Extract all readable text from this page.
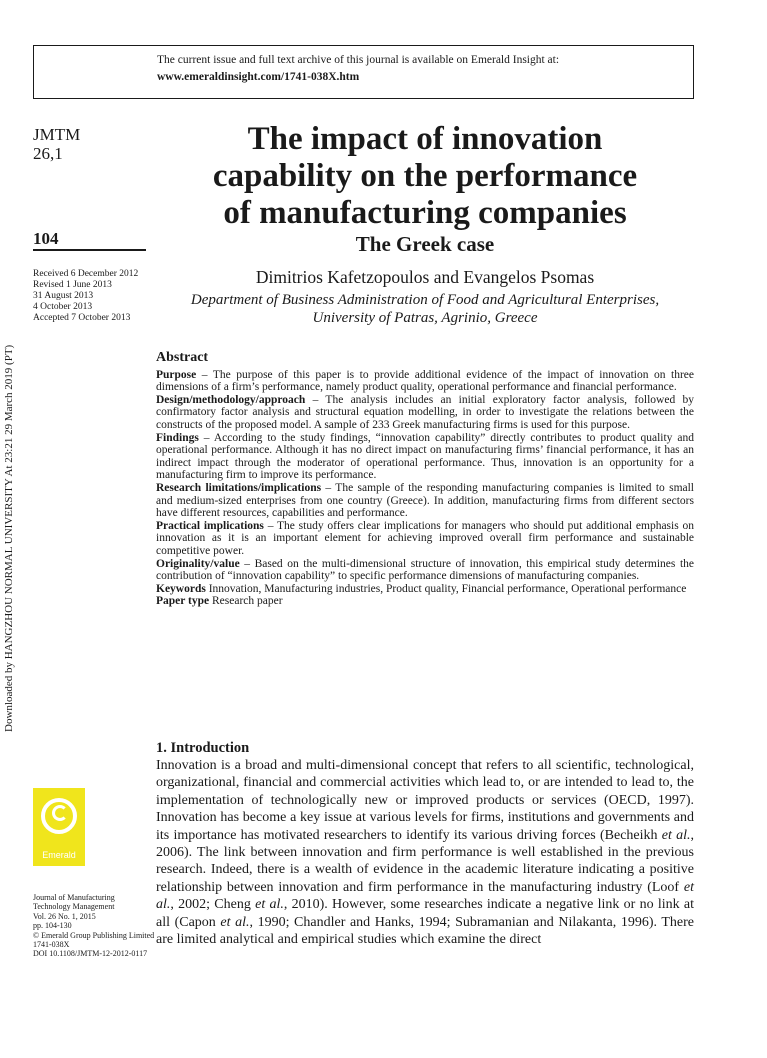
The current issue and full text archive of this journal is available on Emerald Insight at:
www.emeraldinsight.com/1741-038X.htm
Downloaded by HANGZHOU NORMAL UNIVERSITY At 23:21 29 March 2019 (PT)
JMTM
26,1
104
Received 6 December 2012
Revised 1 June 2013
31 August 2013
4 October 2013
Accepted 7 October 2013
The impact of innovation
capability on the performance
of manufacturing companies
The Greek case
Dimitrios Kafetzopoulos and Evangelos Psomas
Department of Business Administration of Food and Agricultural Enterprises,
University of Patras, Agrinio, Greece
Abstract

Purpose – The purpose of this paper is to provide additional evidence of the impact of innovation on three dimensions of a firm’s performance, namely product quality, operational performance and financial performance.

Design/methodology/approach – The analysis includes an initial exploratory factor analysis, followed by confirmatory factor analysis and structural equation modelling, in order to investigate the relations between the constructs of the proposed model. A sample of 233 Greek manufacturing firms is used for this purpose.

Findings – According to the study findings, “innovation capability” directly contributes to product quality and operational performance. Although it has no direct impact on manufacturing firms’ financial performance, it has an indirect impact through the moderator of operational performance. Thus, innovation is an opportunity for a manufacturing firm to improve its performance.

Research limitations/implications – The sample of the responding manufacturing companies is limited to small and medium-sized enterprises from one country (Greece). In addition, manufacturing firms from different sectors have different resources, capabilities and performance.

Practical implications – The study offers clear implications for managers who should put additional emphasis on innovation as it is an important element for achieving improved overall firm performance and sustainable competitive power.

Originality/value – Based on the multi-dimensional structure of innovation, this empirical study determines the contribution of “innovation capability” to specific performance dimensions of manufacturing companies.

Keywords Innovation, Manufacturing industries, Product quality, Financial performance, Operational performance

Paper type Research paper

1. Introduction
Innovation is a broad and multi-dimensional concept that refers to all scientific, technological, organizational, financial and commercial activities which lead to, or are intended to lead to, the implementation of technologically new or improved products or services (OECD, 1997). Innovation has become a key issue at various levels for firms, institutions and governments and its importance has motivated researchers to identify its various driving forces (Becheikh et al., 2006). The link between innovation and firm performance is well established in the previous research. Indeed, there is a wealth of evidence in the academic literature indicating a positive relationship between innovation and firm performance in the manufacturing industry (Loof et al., 2002; Cheng et al., 2010). However, some researches indicate a negative link or no link at all (Capon et al., 1990; Chandler and Hanks, 1994; Subramanian and Nilakanta, 1996). There are limited analytical and empirical studies which examine the direct
Emerald
Journal of Manufacturing
Technology Management
Vol. 26 No. 1, 2015
pp. 104-130
© Emerald Group Publishing Limited
1741-038X
DOI 10.1108/JMTM-12-2012-0117
